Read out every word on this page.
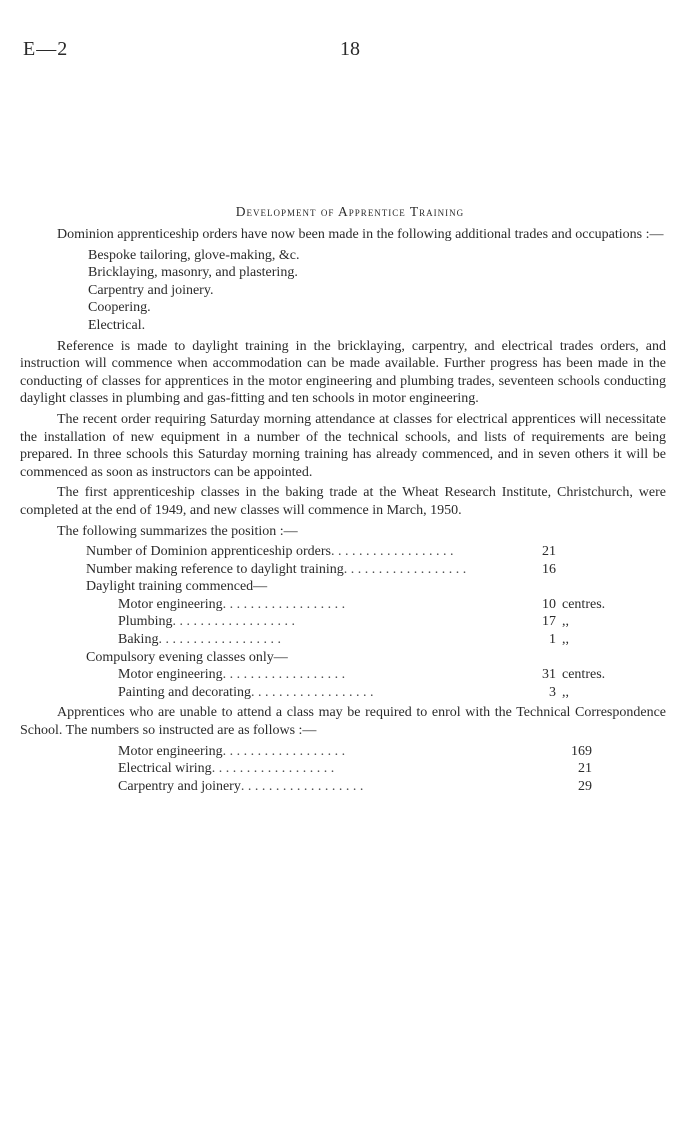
E—2	18
Development of Apprentice Training

Dominion apprenticeship orders have now been made in the following additional trades and occupations :—

Bespoke tailoring, glove-making, &c.
Bricklaying, masonry, and plastering.
Carpentry and joinery.
Coopering.
Electrical.

Reference is made to daylight training in the bricklaying, carpentry, and electrical trades orders, and instruction will commence when accommodation can be made available. Further progress has been made in the conducting of classes for apprentices in the motor engineering and plumbing trades, seventeen schools conducting daylight classes in plumbing and gas-fitting and ten schools in motor engineering.

The recent order requiring Saturday morning attendance at classes for electrical apprentices will necessitate the installation of new equipment in a number of the technical schools, and lists of requirements are being prepared. In three schools this Saturday morning training has already commenced, and in seven others it will be commenced as soon as instructors can be appointed.

The first apprenticeship classes in the baking trade at the Wheat Research Institute, Christchurch, were completed at the end of 1949, and new classes will commence in March, 1950.

The following summarizes the position :—

Number of Dominion apprenticeship orders . . . . . . . . . . . . . . . . . .	21
Number making reference to daylight training . . . . . . . . . . . . . . . . . .	16
Daylight training commenced—
Motor engineering . . . . . . . . . . . . . . . . . .	10 centres.
Plumbing . . . . . . . . . . . . . . . . . .	17 ,,
Baking . . . . . . . . . . . . . . . . . .	1 ,,
Compulsory evening classes only—
Motor engineering . . . . . . . . . . . . . . . . . .	31 centres.
Painting and decorating . . . . . . . . . . . . . . . . . .	3 ,,

Apprentices who are unable to attend a class may be required to enrol with the Technical Correspondence School. The numbers so instructed are as follows :—

Motor engineering . . . . . . . . . . . . . . . . . .	169
Electrical wiring . . . . . . . . . . . . . . . . . .	21
Carpentry and joinery . . . . . . . . . . . . . . . . . .	29
